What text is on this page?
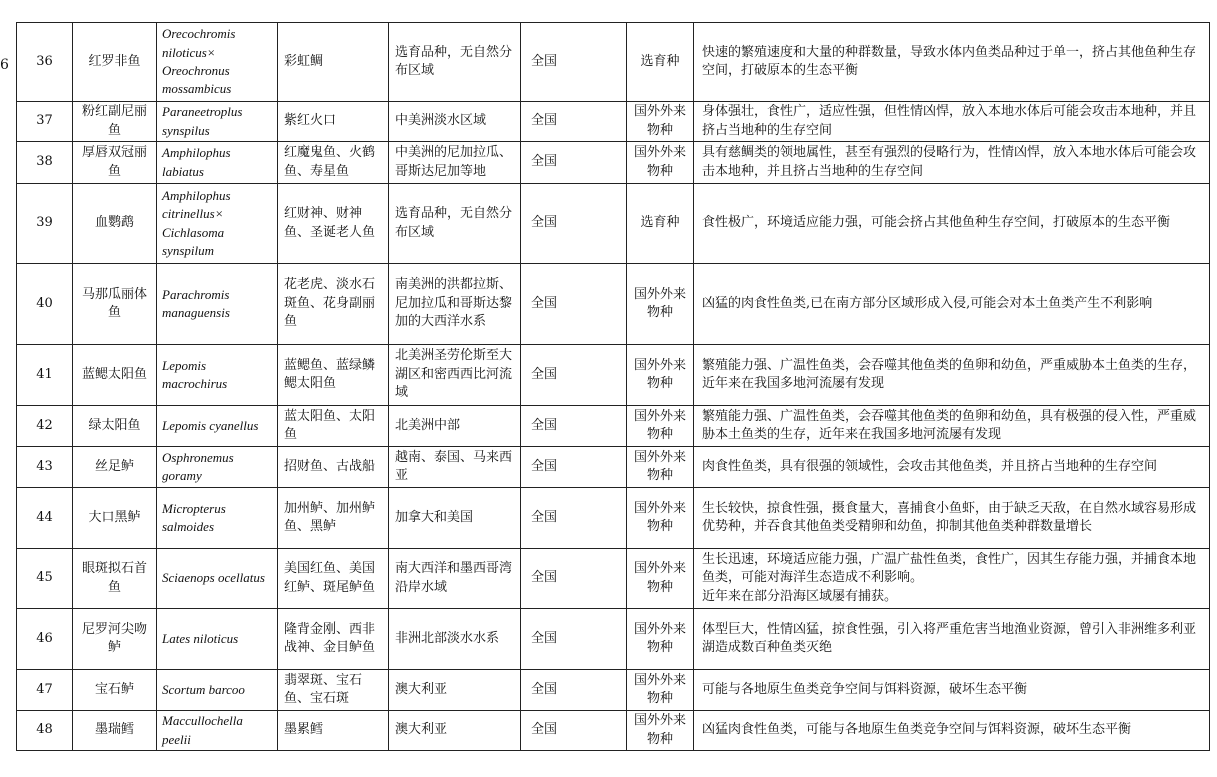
6 36	红罗非鱼	Orecochromis niloticus× Oreochronus mossambicus	彩虹鲷	选育品种，无自然分布区域	全国	选育种	快速的繁殖速度和大量的种群数量，导致水体内鱼类品种过于单一，挤占其他鱼种生存空间，打破原本的生态平衡
37	粉红副尼丽鱼	Paraneetroplus synspilus	紫红火口	中美洲淡水区域	全国	国外外来物种	身体强壮，食性广，适应性强，但性情凶悍，放入本地水体后可能会攻击本地种，并且挤占当地种的生存空间
38	厚唇双冠丽鱼	Amphilophus labiatus	红魔鬼鱼、火鹤鱼、寿星鱼	中美洲的尼加拉瓜、哥斯达尼加等地	全国	国外外来物种	具有慈鲷类的领地属性，甚至有强烈的侵略行为，性情凶悍，放入本地水体后可能会攻击本地种，并且挤占当地种的生存空间
39	血鹦鹉	Amphilophus citrinellus× Cichlasoma synspilum	红财神、财神鱼、圣诞老人鱼	选育品种，无自然分布区域	全国	选育种	食性极广，环境适应能力强，可能会挤占其他鱼种生存空间，打破原本的生态平衡
40	马那瓜丽体鱼	Parachromis managuensis	花老虎、淡水石斑鱼、花身副丽鱼	南美洲的洪都拉斯、尼加拉瓜和哥斯达黎加的大西洋水系	全国	国外外来物种	凶猛的肉食性鱼类,已在南方部分区域形成入侵,可能会对本土鱼类产生不利影响
41	蓝鳃太阳鱼	Lepomis macrochirus	蓝鳃鱼、蓝绿鳞鳃太阳鱼	北美洲圣劳伦斯至大湖区和密西西比河流域	全国	国外外来物种	繁殖能力强、广温性鱼类，会吞噬其他鱼类的鱼卵和幼鱼，严重威胁本土鱼类的生存，近年来在我国多地河流屡有发现
42	绿太阳鱼	Lepomis cyanellus	蓝太阳鱼、太阳鱼	北美洲中部	全国	国外外来物种	繁殖能力强、广温性鱼类，会吞噬其他鱼类的鱼卵和幼鱼，具有极强的侵入性，严重威胁本土鱼类的生存，近年来在我国多地河流屡有发现
43	丝足鲈	Osphronemus goramy	招财鱼、古战船	越南、泰国、马来西亚	全国	国外外来物种	肉食性鱼类，具有很强的领域性，会攻击其他鱼类，并且挤占当地种的生存空间
44	大口黑鲈	Micropterus salmoides	加州鲈、加州鲈鱼、黑鲈	加拿大和美国	全国	国外外来物种	生长较快，掠食性强，摄食量大，喜捕食小鱼虾，由于缺乏天敌，在自然水域容易形成优势种，并吞食其他鱼类受精卵和幼鱼，抑制其他鱼类种群数量增长
45	眼斑拟石首鱼	Sciaenops ocellatus	美国红鱼、美国红鲈、斑尾鲈鱼	南大西洋和墨西哥湾沿岸水域	全国	国外外来物种	生长迅速，环境适应能力强，广温广盐性鱼类，食性广，因其生存能力强，并捕食本地鱼类，可能对海洋生态造成不利影响。
近年来在部分沿海区域屡有捕获。

46	尼罗河尖吻鲈	Lates niloticus	隆背金刚、西非战神、金目鲈鱼	非洲北部淡水水系	全国	国外外来物种	体型巨大，性情凶猛，掠食性强，引入将严重危害当地渔业资源，曾引入非洲维多利亚湖造成数百种鱼类灭绝
47	宝石鲈	Scortum barcoo	翡翠斑、宝石鱼、宝石斑	澳大利亚	全国	国外外来物种	可能与各地原生鱼类竞争空间与饵料资源，破坏生态平衡
48	墨瑞鳕	Maccullochella peelii	墨累鳕	澳大利亚	全国	国外外来物种	凶猛肉食性鱼类，可能与各地原生鱼类竞争空间与饵料资源，破坏生态平衡
